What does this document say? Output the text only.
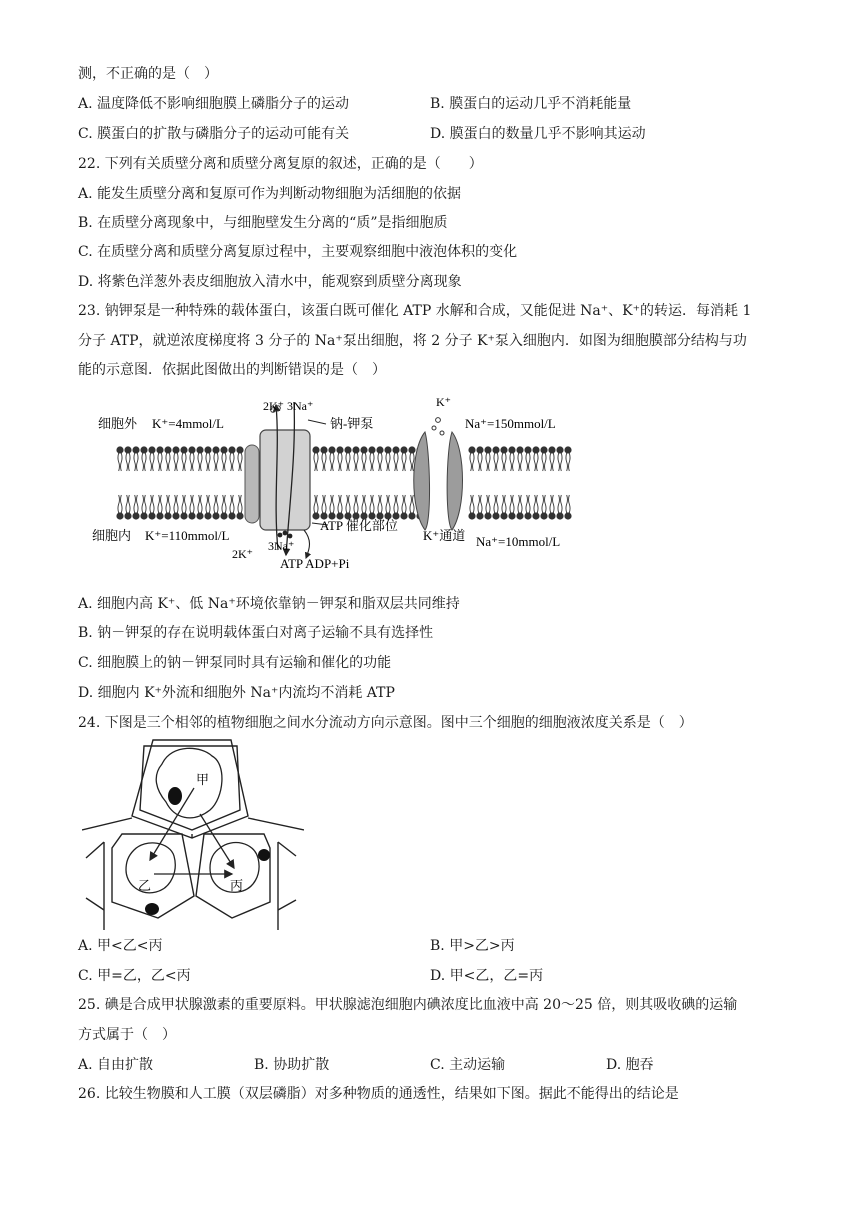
测，不正确的是（　）
A. 温度降低不影响细胞膜上磷脂分子的运动	B. 膜蛋白的运动几乎不消耗能量
C. 膜蛋白的扩散与磷脂分子的运动可能有关	D. 膜蛋白的数量几乎不影响其运动
22. 下列有关质壁分离和质壁分离复原的叙述，正确的是（　　）
A. 能发生质壁分离和复原可作为判断动物细胞为活细胞的依据
B. 在质壁分离现象中，与细胞壁发生分离的“质”是指细胞质
C. 在质壁分离和质壁分离复原过程中，主要观察细胞中液泡体积的变化
D. 将紫色洋葱外表皮细胞放入清水中，能观察到质壁分离现象
23. 钠钾泵是一种特殊的载体蛋白，该蛋白既可催化 ATP 水解和合成，又能促进 Na⁺、K⁺的转运．每消耗 1
分子 ATP，就逆浓度梯度将 3 分子的 Na⁺泵出细胞，将 2 分子 K⁺泵入细胞内．如图为细胞膜部分结构与功
能的示意图．依据此图做出的判断错误的是（　）
细胞外 K⁺=4mmol/L	Na⁺=150mmol/L
2K⁺ 3Na⁺
钠-钾泵
K⁺
细胞内 K⁺=110mmol/L
ATP 催化部位
K⁺通道 Na⁺=10mmol/L
2K⁺
3Na⁺
ATP ADP+Pi
A. 细胞内高 K⁺、低 Na⁺环境依靠钠－钾泵和脂双层共同维持
B. 钠－钾泵的存在说明载体蛋白对离子运输不具有选择性
C. 细胞膜上的钠－钾泵同时具有运输和催化的功能
D. 细胞内 K⁺外流和细胞外 Na⁺内流均不消耗 ATP
24. 下图是三个相邻的植物细胞之间水分流动方向示意图。图中三个细胞的细胞液浓度关系是（　）
甲
乙	丙
A. 甲<乙<丙	B. 甲>乙>丙
C. 甲=乙，乙<丙	D. 甲<乙，乙=丙
25. 碘是合成甲状腺激素的重要原料。甲状腺滤泡细胞内碘浓度比血液中高 20～25 倍，则其吸收碘的运输
方式属于（　）
A. 自由扩散	B. 协助扩散	C. 主动运输	D. 胞吞
26. 比较生物膜和人工膜（双层磷脂）对多种物质的通透性，结果如下图。据此不能得出的结论是
